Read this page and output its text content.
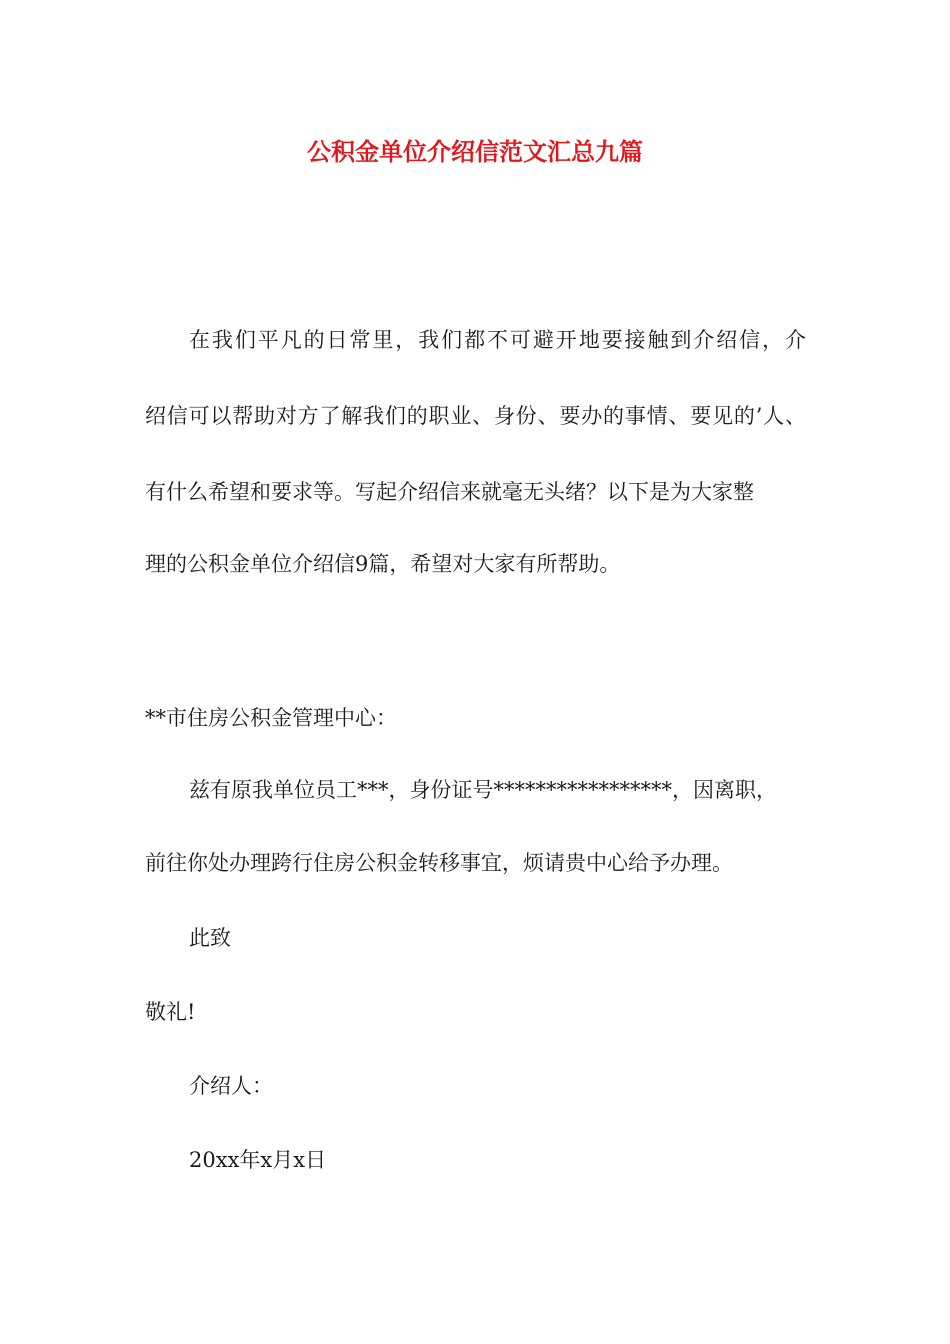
公积金单位介绍信范文汇总九篇

在我们平凡的日常里，我们都不可避开地要接触到介绍信，介

绍信可以帮助对方了解我们的职业、身份、要办的事情、要见的’人、

有什么希望和要求等。写起介绍信来就毫无头绪？以下是为大家整

理的公积金单位介绍信9篇，希望对大家有所帮助。

**市住房公积金管理中心：

兹有原我单位员工***，身份证号*****************，因离职，

前往你处办理跨行住房公积金转移事宜，烦请贵中心给予办理。

此致

敬礼!

介绍人：

20xx年x月x日
